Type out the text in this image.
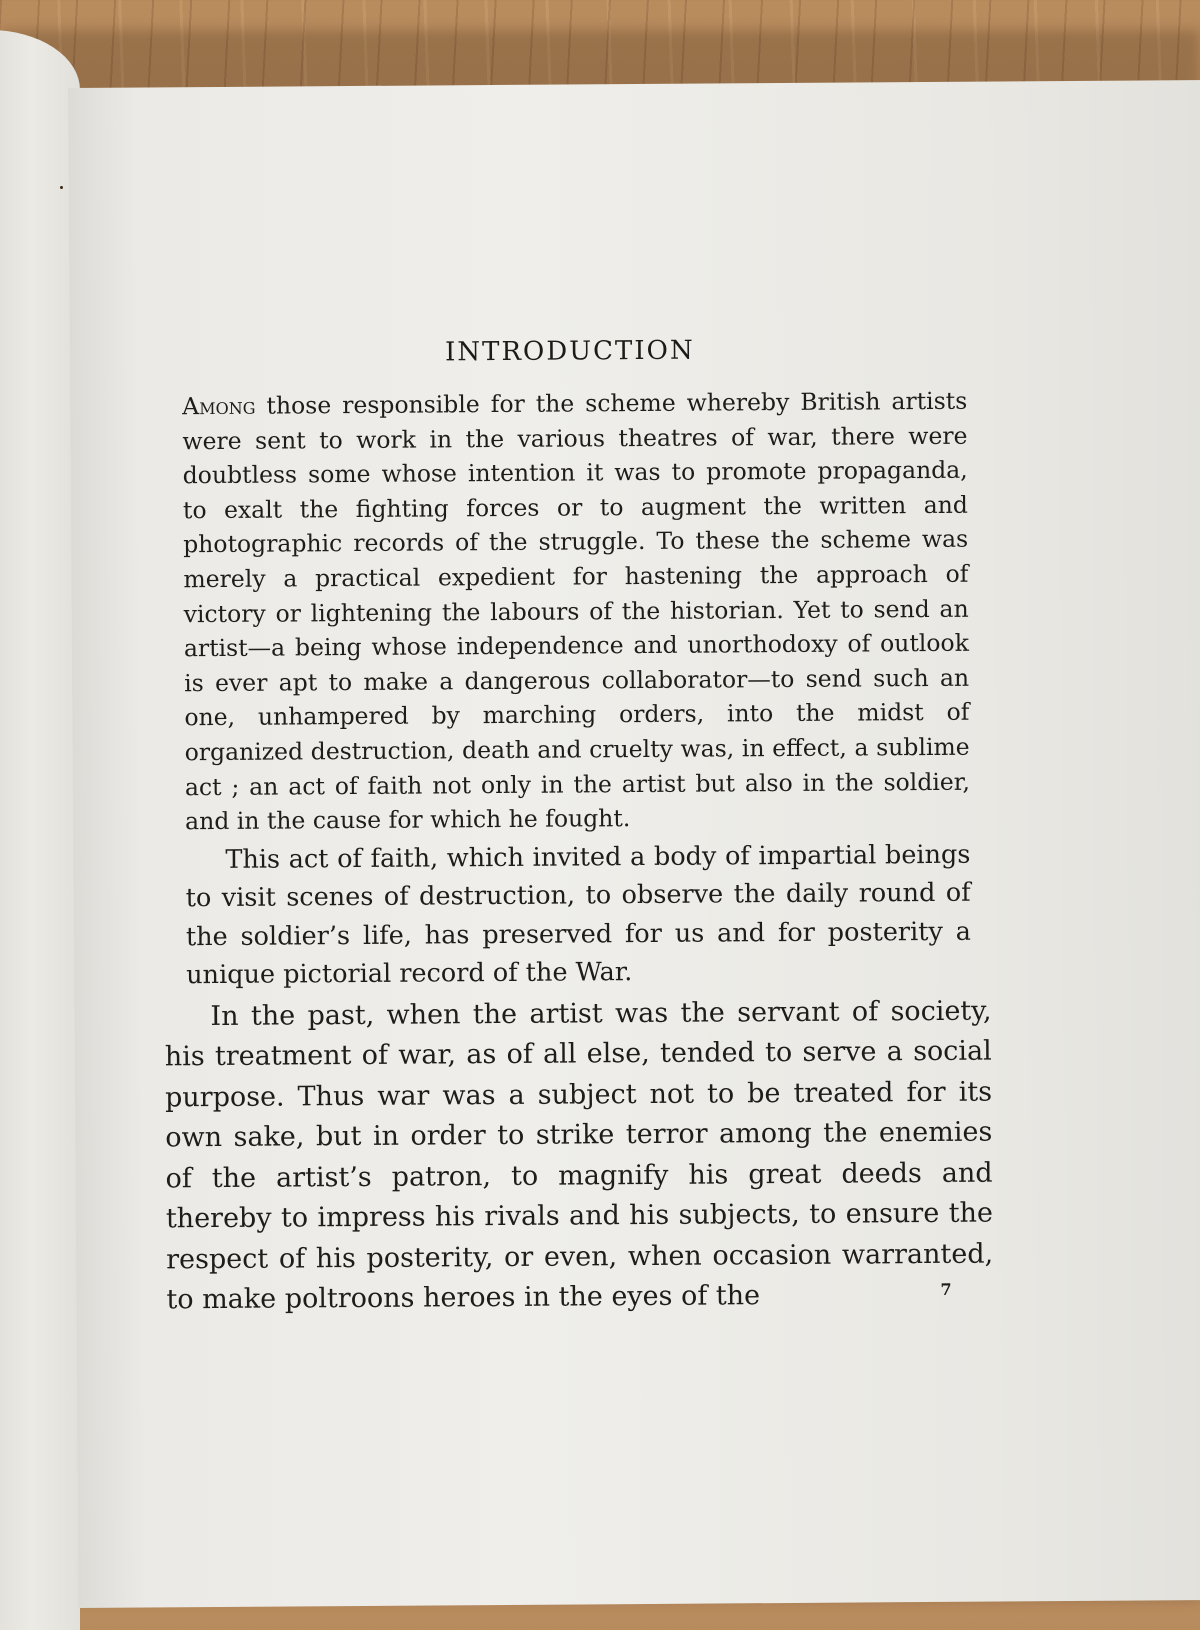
INTRODUCTION

Among those responsible for the scheme whereby British artists were sent to work in the various theatres of war, there were doubtless some whose intention it was to promote propaganda, to exalt the fighting forces or to augment the written and photographic records of the struggle. To these the scheme was merely a practical expedient for hastening the approach of victory or lightening the labours of the historian. Yet to send an artist—a being whose independence and unorthodoxy of outlook is ever apt to make a dangerous collaborator—to send such an one, unhampered by marching orders, into the midst of organized destruction, death and cruelty was, in effect, a sublime act ; an act of faith not only in the artist but also in the soldier, and in the cause for which he fought.

This act of faith, which invited a body of impartial beings to visit scenes of destruction, to observe the daily round of the soldier’s life, has preserved for us and for posterity a unique pictorial record of the War.

In the past, when the artist was the servant of society, his treatment of war, as of all else, tended to serve a social purpose. Thus war was a subject not to be treated for its own sake, but in order to strike terror among the enemies of the artist’s patron, to magnify his great deeds and thereby to impress his rivals and his subjects, to ensure the respect of his posterity, or even, when occasion warranted, to make poltroons heroes in the eyes of the	7
